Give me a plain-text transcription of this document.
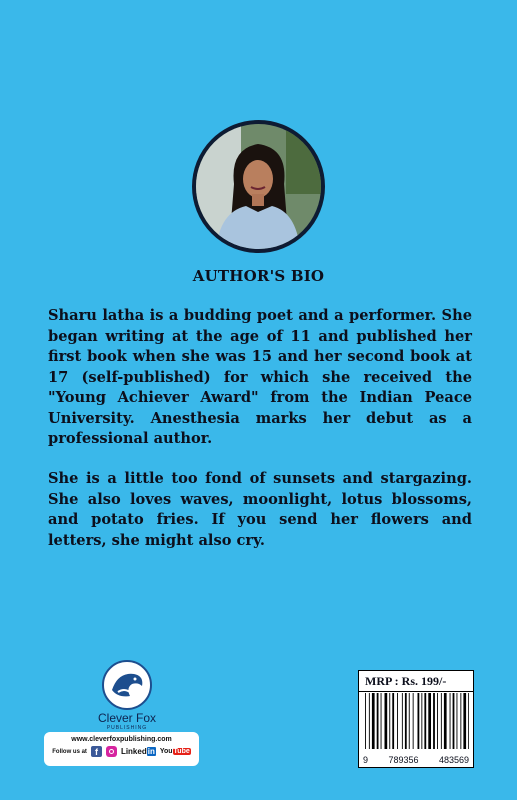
AUTHOR'S BIO
Sharu latha is a budding poet and a performer. She began writing at the age of 11 and published her first book when she was 15 and her second book at 17 (self-published) for which she received the "Young Achiever Award" from the Indian Peace University. Anesthesia marks her debut as a professional author.
She is a little too fond of sunsets and stargazing. She also loves waves, moonlight, lotus blossoms, and potato fries. If you send her flowers and letters, she might also cry.
Clever Fox
PUBLISHING
www.cleverfoxpublishing.com
Follow us at f	Linkedin YouTube
MRP : Rs. 199/-
9 789356 483569
